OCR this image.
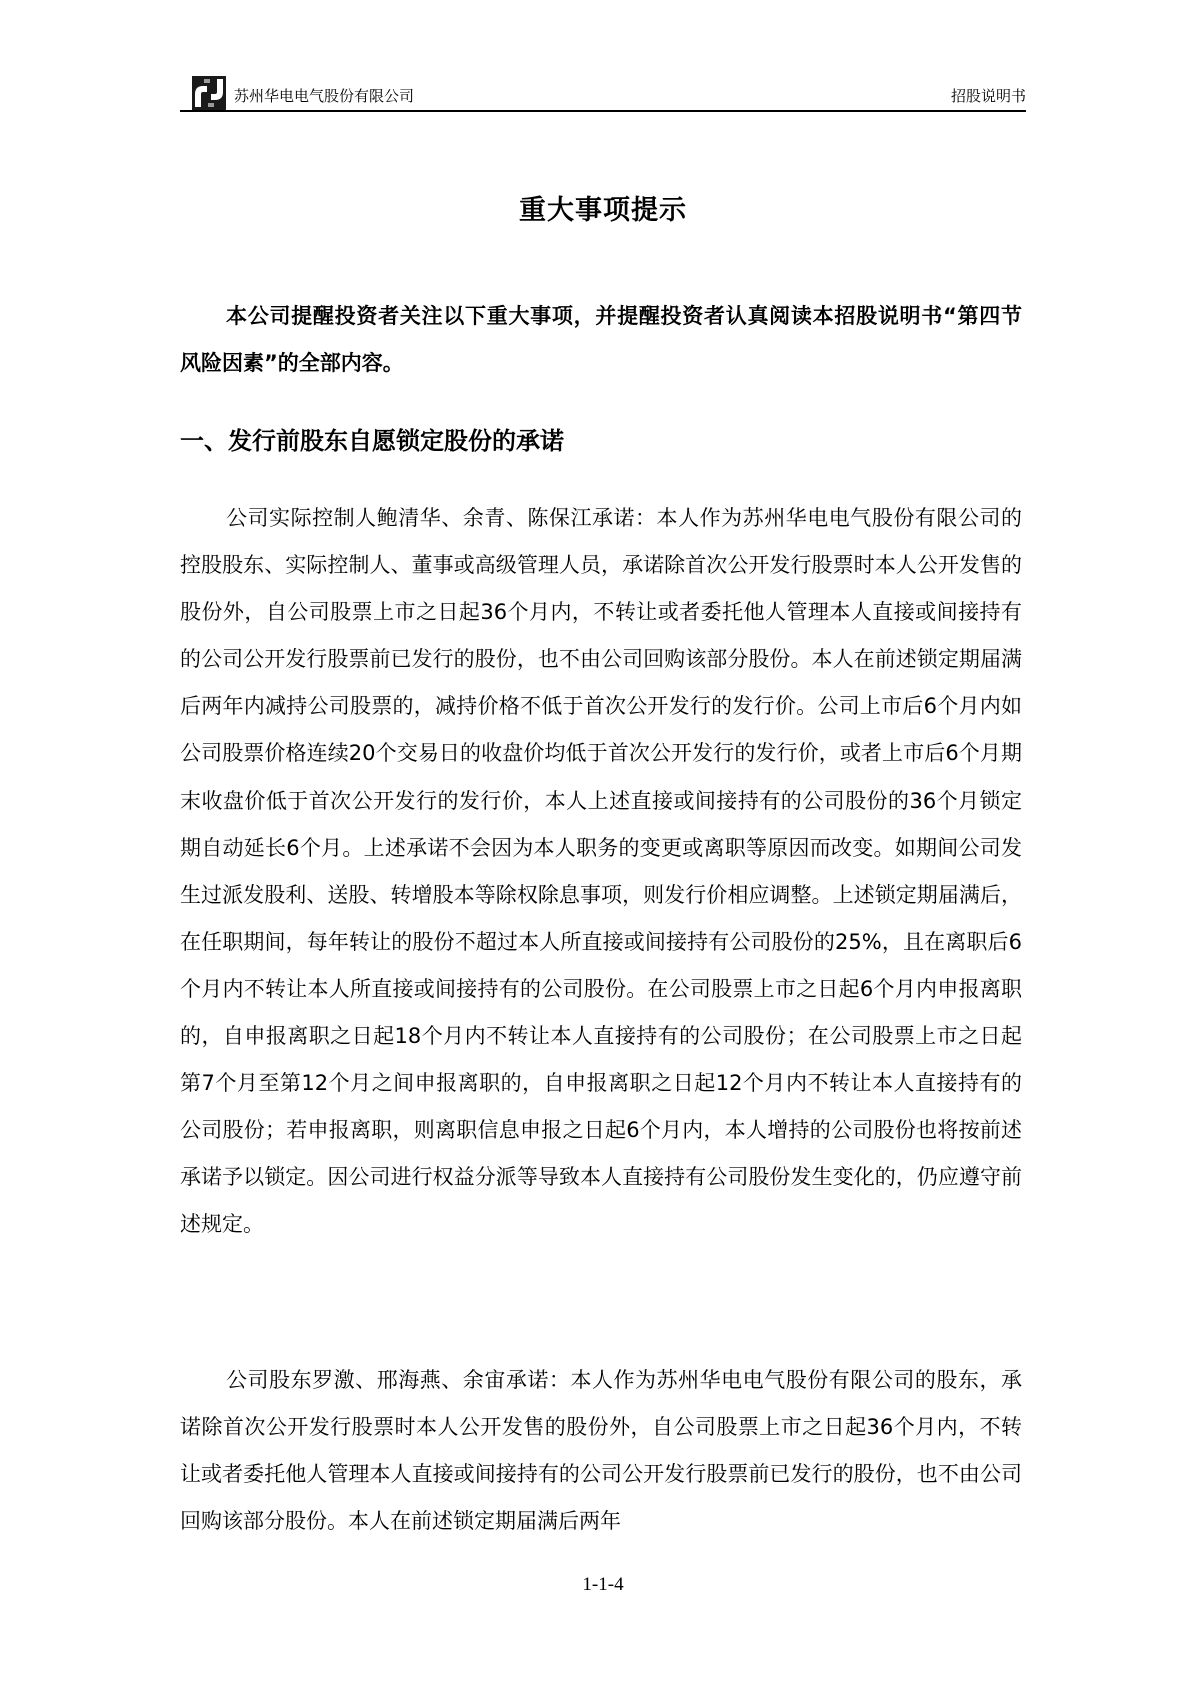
苏州华电电气股份有限公司	招股说明书
重大事项提示

本公司提醒投资者关注以下重大事项，并提醒投资者认真阅读本招股说明书“第四节 风险因素”的全部内容。

一、发行前股东自愿锁定股份的承诺

公司实际控制人鲍清华、余青、陈保江承诺：本人作为苏州华电电气股份有限公司的控股股东、实际控制人、董事或高级管理人员，承诺除首次公开发行股票时本人公开发售的股份外，自公司股票上市之日起36个月内，不转让或者委托他人管理本人直接或间接持有的公司公开发行股票前已发行的股份，也不由公司回购该部分股份。本人在前述锁定期届满后两年内减持公司股票的，减持价格不低于首次公开发行的发行价。公司上市后6个月内如公司股票价格连续20个交易日的收盘价均低于首次公开发行的发行价，或者上市后6个月期末收盘价低于首次公开发行的发行价，本人上述直接或间接持有的公司股份的36个月锁定期自动延长6个月。上述承诺不会因为本人职务的变更或离职等原因而改变。如期间公司发生过派发股利、送股、转增股本等除权除息事项，则发行价相应调整。上述锁定期届满后，在任职期间，每年转让的股份不超过本人所直接或间接持有公司股份的25%，且在离职后6个月内不转让本人所直接或间接持有的公司股份。在公司股票上市之日起6个月内申报离职的，自申报离职之日起18个月内不转让本人直接持有的公司股份；在公司股票上市之日起第7个月至第12个月之间申报离职的，自申报离职之日起12个月内不转让本人直接持有的公司股份；若申报离职，则离职信息申报之日起6个月内，本人增持的公司股份也将按前述承诺予以锁定。因公司进行权益分派等导致本人直接持有公司股份发生变化的，仍应遵守前述规定。

公司股东罗激、邢海燕、余宙承诺：本人作为苏州华电电气股份有限公司的股东，承诺除首次公开发行股票时本人公开发售的股份外，自公司股票上市之日起36个月内，不转让或者委托他人管理本人直接或间接持有的公司公开发行股票前已发行的股份，也不由公司回购该部分股份。本人在前述锁定期届满后两年

1-1-4
